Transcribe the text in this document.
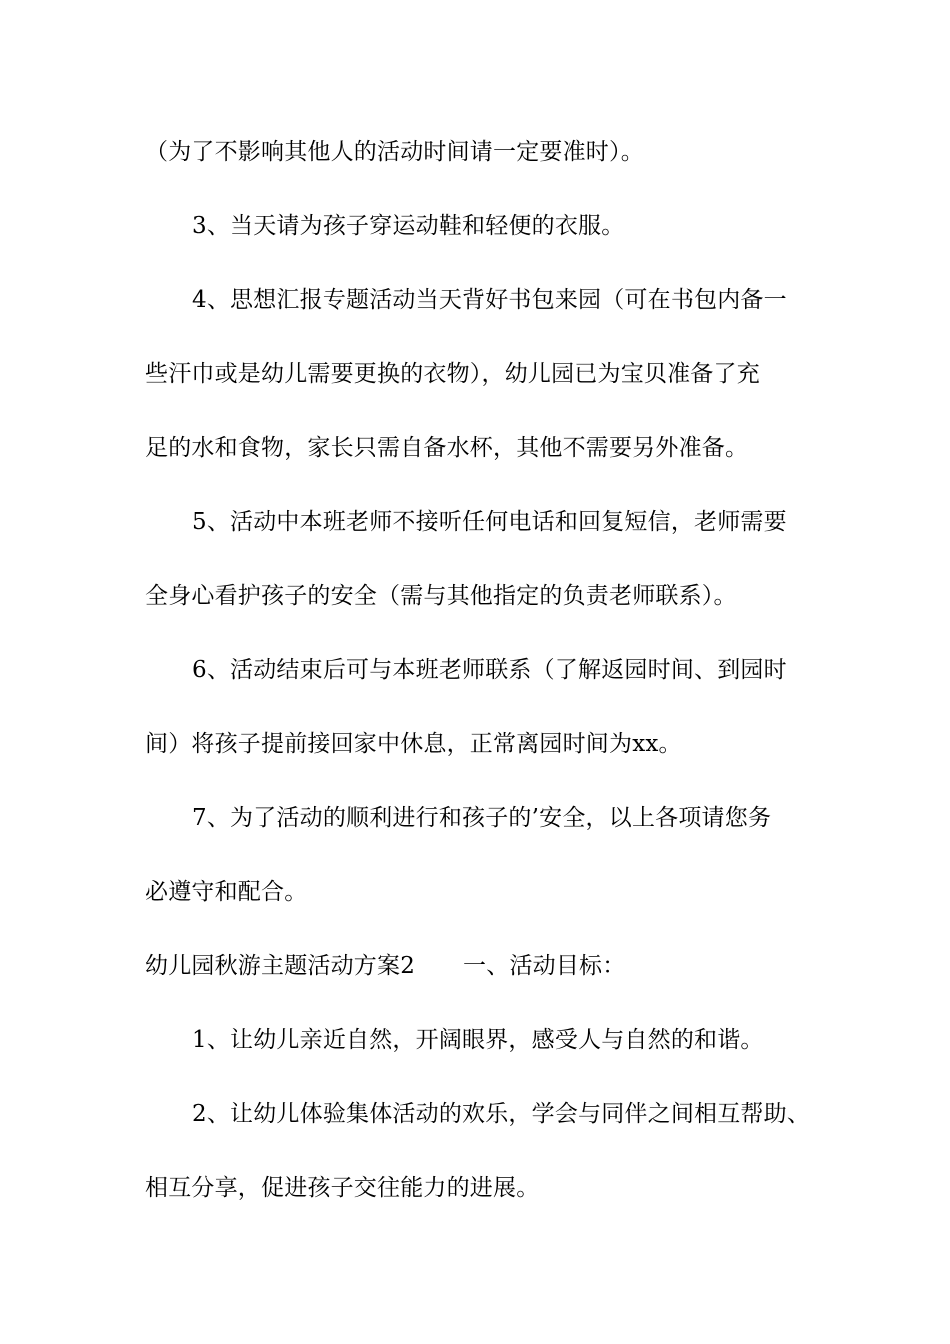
（为了不影响其他人的活动时间请一定要准时）。
3、当天请为孩子穿运动鞋和轻便的衣服。
4、思想汇报专题活动当天背好书包来园（可在书包内备一
些汗巾或是幼儿需要更换的衣物），幼儿园已为宝贝准备了充
足的水和食物，家长只需自备水杯，其他不需要另外准备。
5、活动中本班老师不接听任何电话和回复短信，老师需要
全身心看护孩子的安全（需与其他指定的负责老师联系）。
6、活动结束后可与本班老师联系（了解返园时间、到园时
间）将孩子提前接回家中休息，正常离园时间为xx。
7、为了活动的顺利进行和孩子的’安全，以上各项请您务
必遵守和配合。
幼儿园秋游主题活动方案2 一、活动目标：
1、让幼儿亲近自然，开阔眼界，感受人与自然的和谐。
2、让幼儿体验集体活动的欢乐，学会与同伴之间相互帮助、
相互分享，促进孩子交往能力的进展。
